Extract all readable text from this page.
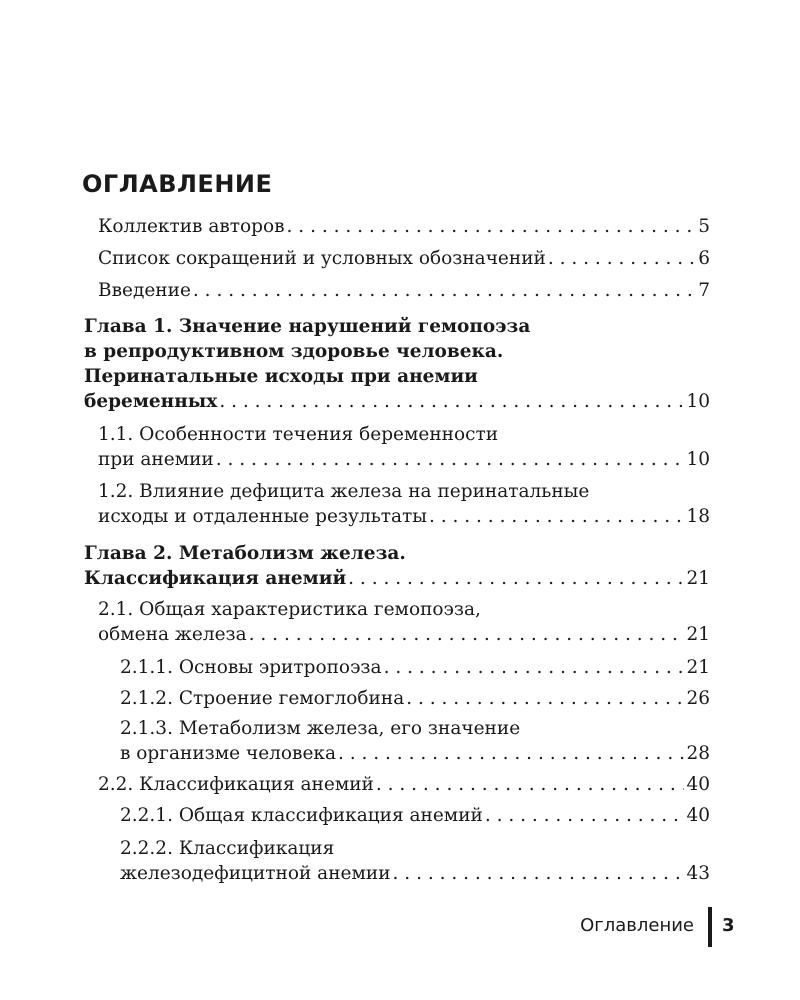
ОГЛАВЛЕНИЕ
Коллектив авторов . . .	5
Список сокращений и условных обозначений . . .	6
Введение . . .	7
Глава 1. Значение нарушений гемопоэза
в репродуктивном здоровье человека.
Перинатальные исходы при анемии
беременных . . .	10
1.1. Особенности течения беременности
при анемии . . .	10
1.2. Влияние дефицита железа на перинатальные
исходы и отдаленные результаты . . .	18
Глава 2. Метаболизм железа.
Классификация анемий . . .	21
2.1. Общая характеристика гемопоэза,
обмена железа . . .	21
2.1.1. Основы эритропоэза . . .	21
2.1.2. Строение гемоглобина . . .	26
2.1.3. Метаболизм железа, его значение
в организме человека . . .	28
2.2. Классификация анемий . . .	40
2.2.1. Общая классификация анемий . . .	40
2.2.2. Классификация
железодефицитной анемии . . .	43
Оглавление 3
